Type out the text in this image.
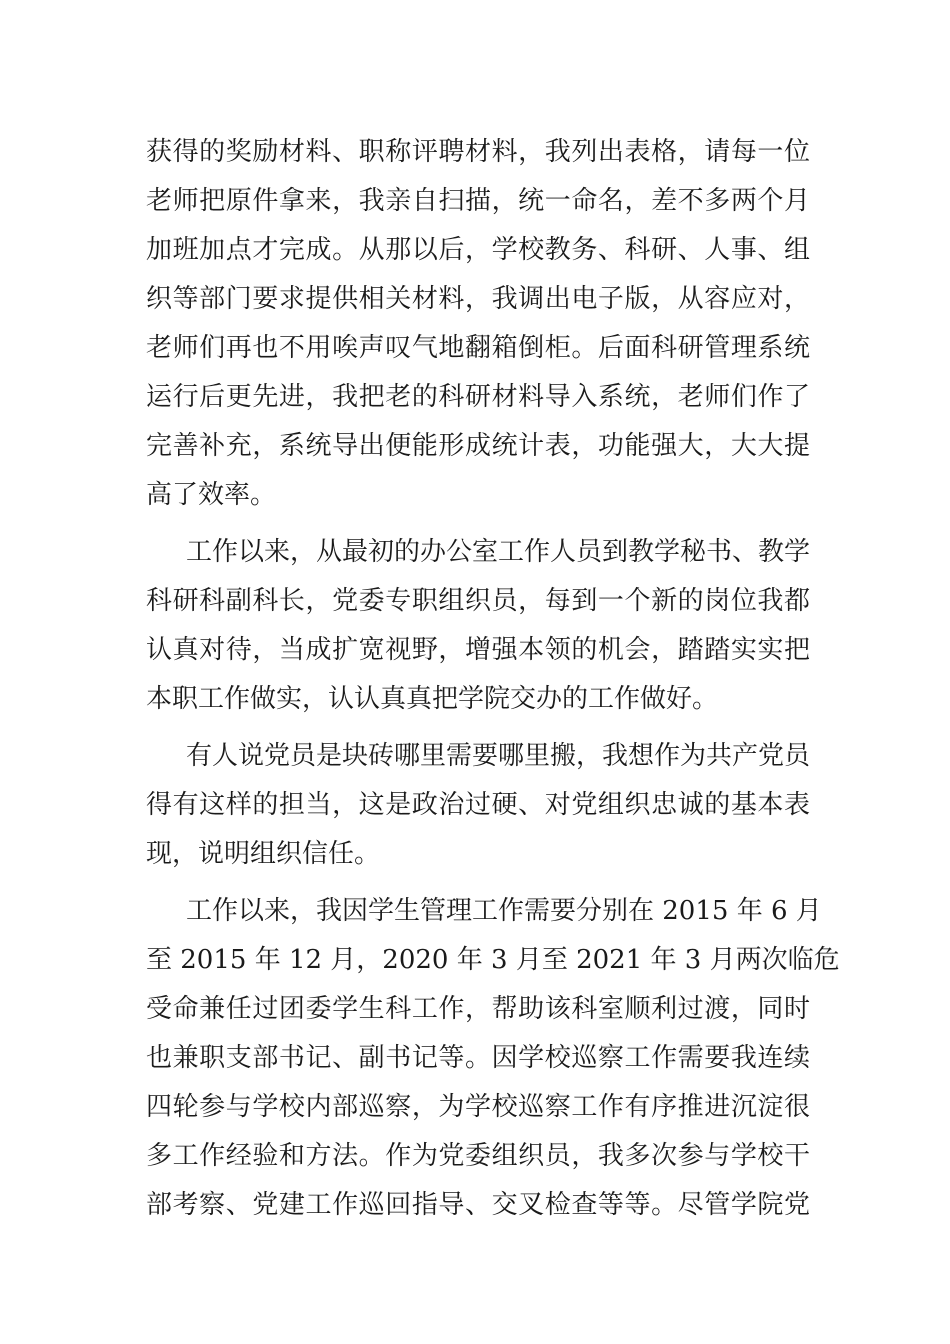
获得的奖励材料、职称评聘材料，我列出表格，请每一位
老师把原件拿来，我亲自扫描，统一命名，差不多两个月
加班加点才完成。从那以后，学校教务、科研、人事、组
织等部门要求提供相关材料，我调出电子版，从容应对，
老师们再也不用唉声叹气地翻箱倒柜。后面科研管理系统
运行后更先进，我把老的科研材料导入系统，老师们作了
完善补充，系统导出便能形成统计表，功能强大，大大提
高了效率。
工作以来，从最初的办公室工作人员到教学秘书、教学
科研科副科长，党委专职组织员，每到一个新的岗位我都
认真对待，当成扩宽视野，增强本领的机会，踏踏实实把
本职工作做实，认认真真把学院交办的工作做好。
有人说党员是块砖哪里需要哪里搬，我想作为共产党员
得有这样的担当，这是政治过硬、对党组织忠诚的基本表
现，说明组织信任。
工作以来，我因学生管理工作需要分别在 2015 年 6 月
至 2015 年 12 月，2020 年 3 月至 2021 年 3 月两次临危
受命兼任过团委学生科工作，帮助该科室顺利过渡，同时
也兼职支部书记、副书记等。因学校巡察工作需要我连续
四轮参与学校内部巡察，为学校巡察工作有序推进沉淀很
多工作经验和方法。作为党委组织员，我多次参与学校干
部考察、党建工作巡回指导、交叉检查等等。尽管学院党
